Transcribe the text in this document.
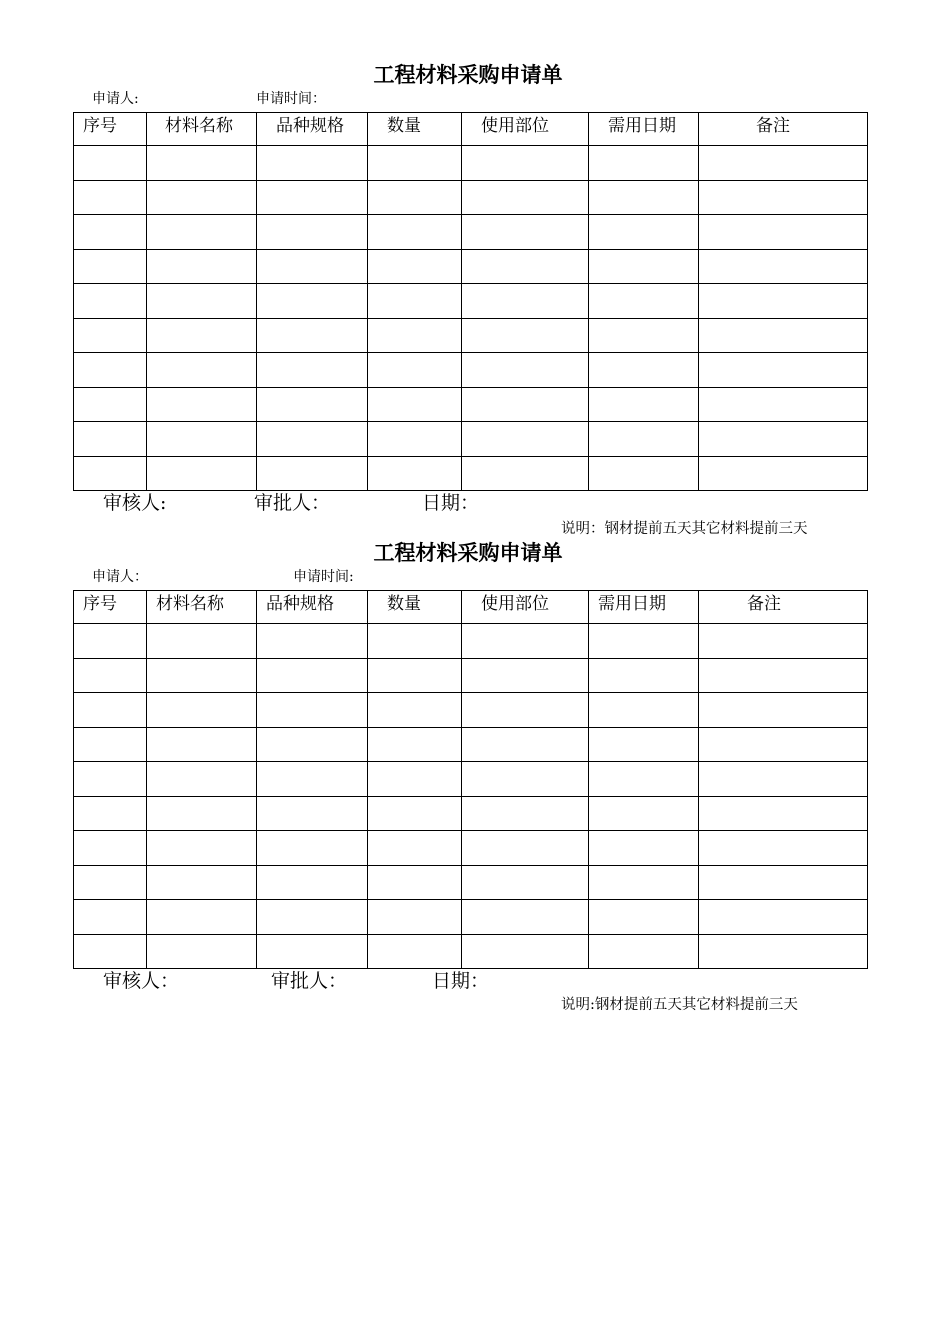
工程材料采购申请单
申请人:	申请时间：
序号	材料名称	品种规格	数量	使用部位	需用日期	备注

审核人:	审批人：	日期：
说明：钢材提前五天其它材料提前三天
工程材料采购申请单
申请人：	申请时间:
序号	材料名称	品种规格	数量	使用部位	需用日期	备注

审核人：	审批人：	日期：
说明:钢材提前五天其它材料提前三天
